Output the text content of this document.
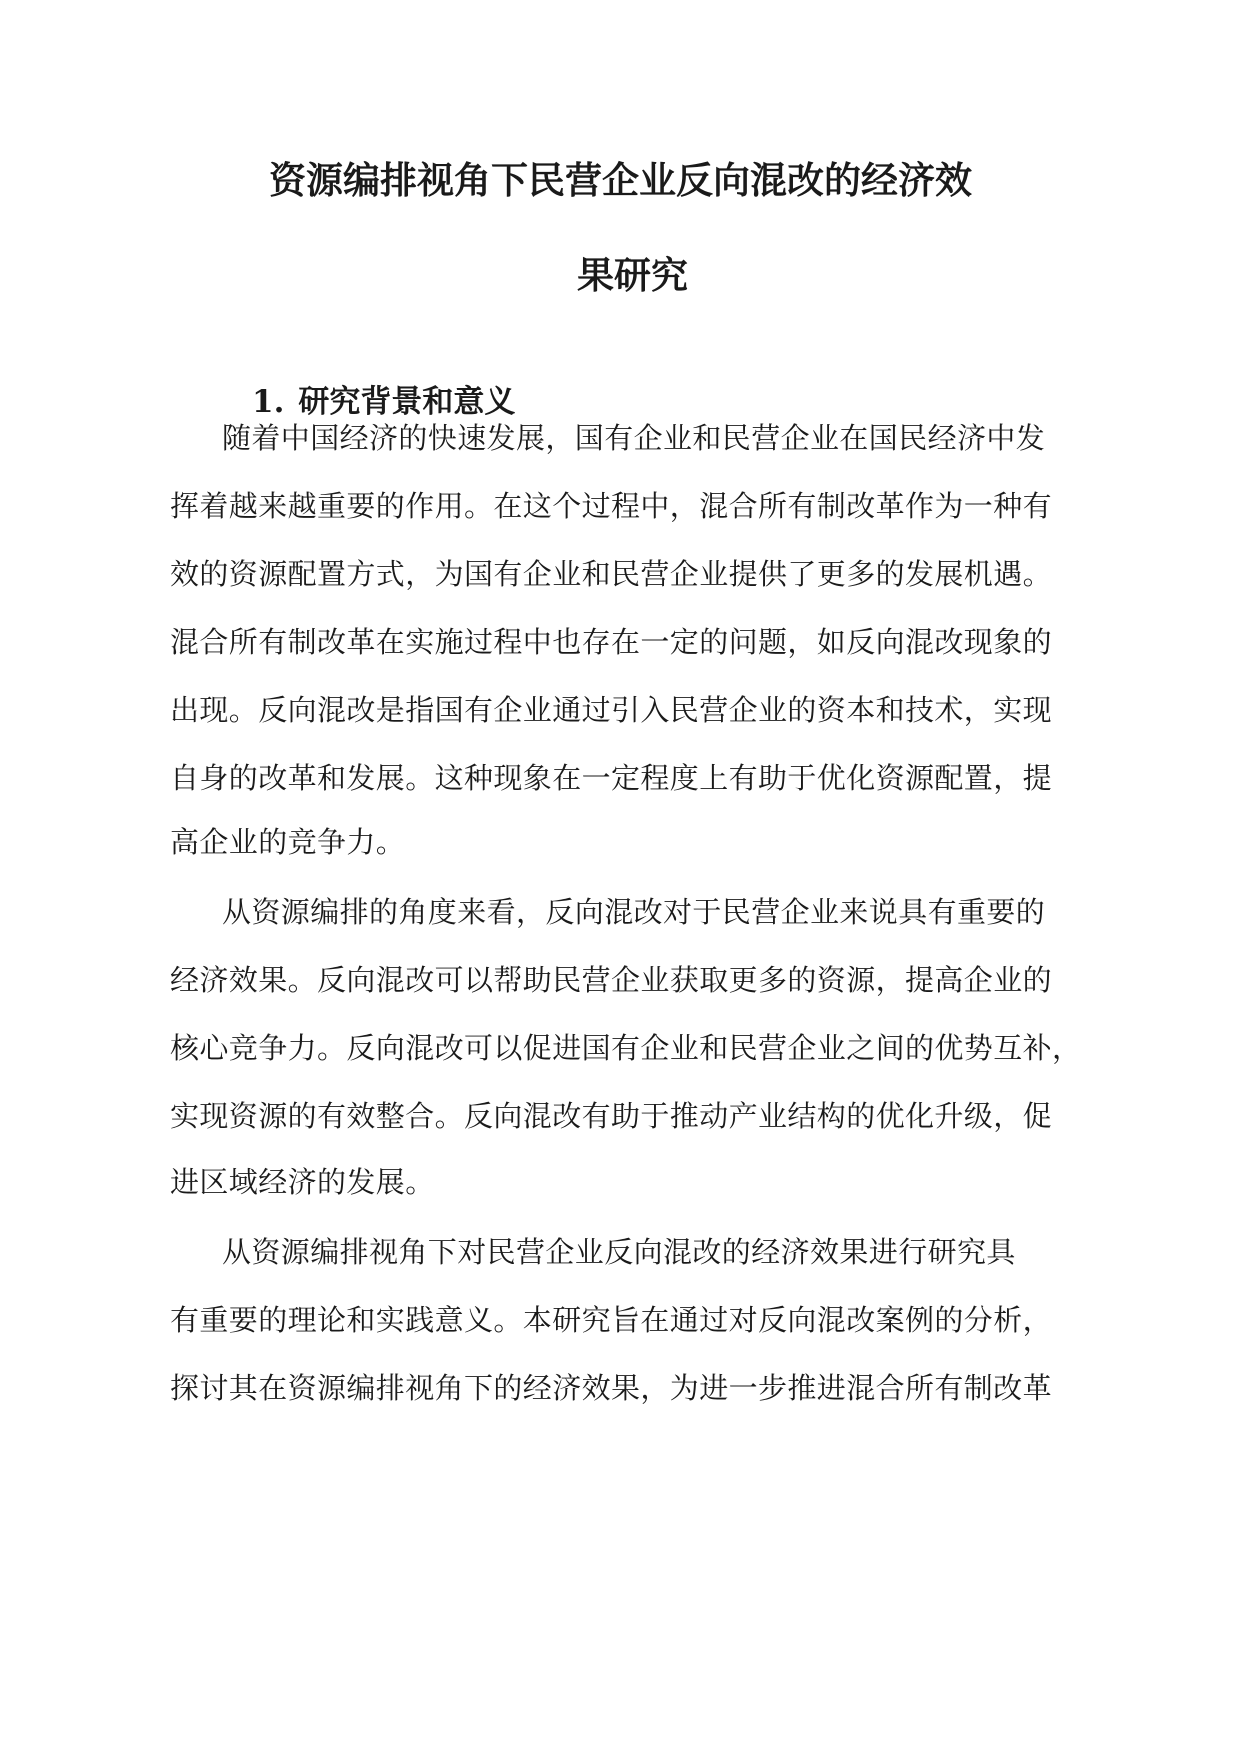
资源编排视角下民营企业反向混改的经济效
果研究
1. 研究背景和意义
随着中国经济的快速发展，国有企业和民营企业在国民经济中发
挥着越来越重要的作用。在这个过程中，混合所有制改革作为一种有
效的资源配置方式，为国有企业和民营企业提供了更多的发展机遇。
混合所有制改革在实施过程中也存在一定的问题，如反向混改现象的
出现。反向混改是指国有企业通过引入民营企业的资本和技术，实现
自身的改革和发展。这种现象在一定程度上有助于优化资源配置，提
高企业的竞争力。
从资源编排的角度来看，反向混改对于民营企业来说具有重要的
经济效果。反向混改可以帮助民营企业获取更多的资源，提高企业的
核心竞争力。反向混改可以促进国有企业和民营企业之间的优势互补，
实现资源的有效整合。反向混改有助于推动产业结构的优化升级，促
进区域经济的发展。
从资源编排视角下对民营企业反向混改的经济效果进行研究具
有重要的理论和实践意义。本研究旨在通过对反向混改案例的分析，
探讨其在资源编排视角下的经济效果，为进一步推进混合所有制改革
